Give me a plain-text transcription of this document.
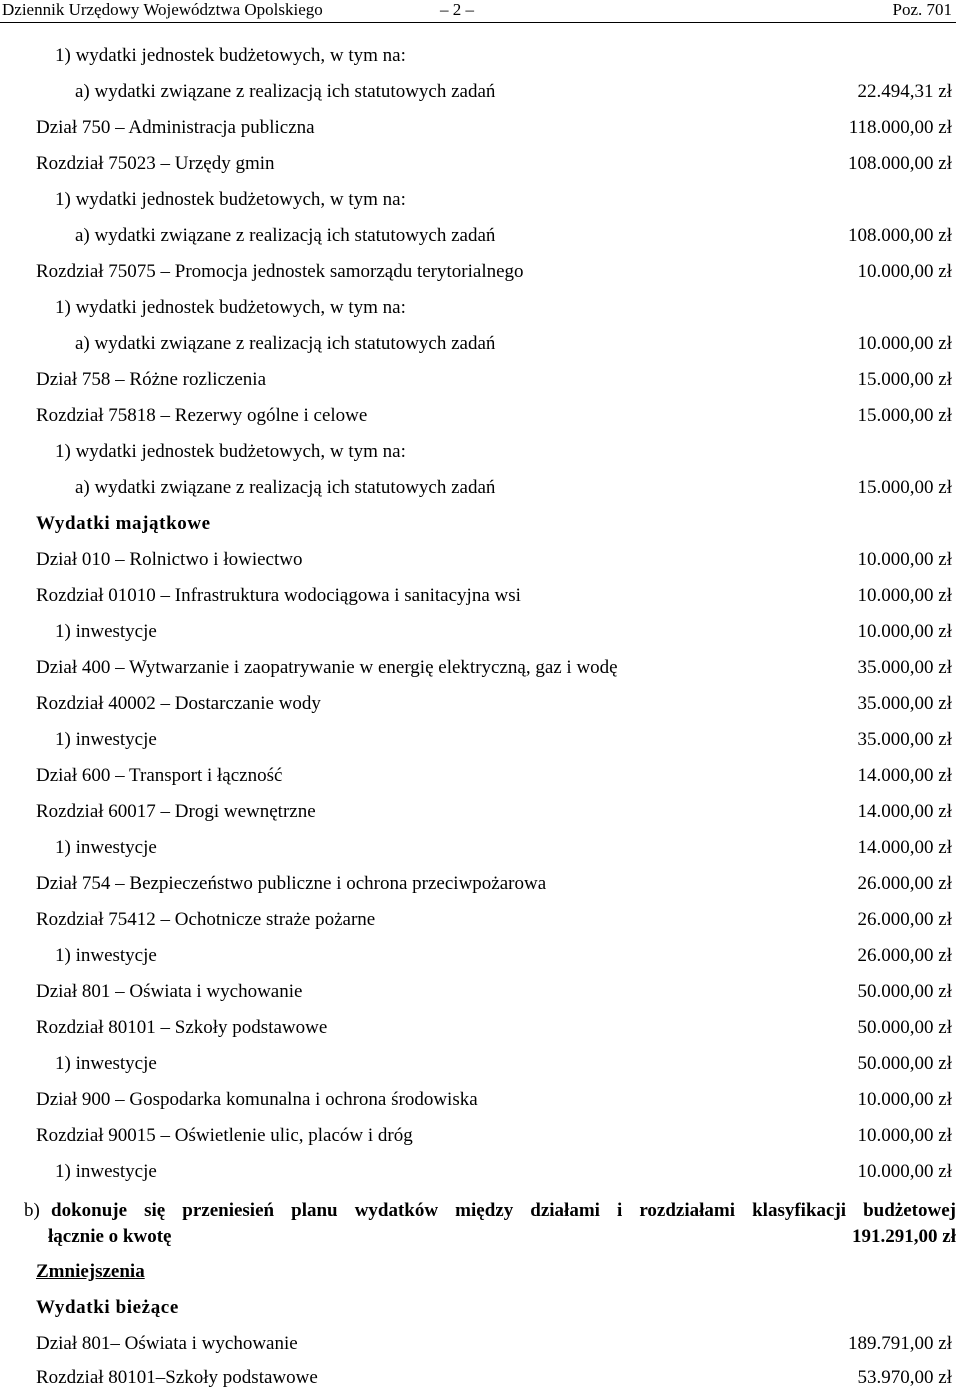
Dziennik Urzędowy Województwa Opolskiego	– 2 –	Poz. 701
1) wydatki jednostek budżetowych, w tym na:
a) wydatki związane z realizacją ich statutowych zadań	22.494,31 zł
Dział 750 – Administracja publiczna	118.000,00 zł
Rozdział 75023 – Urzędy gmin	108.000,00 zł
1) wydatki jednostek budżetowych, w tym na:
a) wydatki związane z realizacją ich statutowych zadań	108.000,00 zł
Rozdział 75075 – Promocja jednostek samorządu terytorialnego	10.000,00 zł
1) wydatki jednostek budżetowych, w tym na:
a) wydatki związane z realizacją ich statutowych zadań	10.000,00 zł
Dział 758 – Różne rozliczenia	15.000,00 zł
Rozdział 75818 – Rezerwy ogólne i celowe	15.000,00 zł
1) wydatki jednostek budżetowych, w tym na:
a) wydatki związane z realizacją ich statutowych zadań	15.000,00 zł
Wydatki majątkowe
Dział 010 – Rolnictwo i łowiectwo	10.000,00 zł
Rozdział 01010 – Infrastruktura wodociągowa i sanitacyjna wsi	10.000,00 zł
1) inwestycje	10.000,00 zł
Dział 400 – Wytwarzanie i zaopatrywanie w energię elektryczną, gaz i wodę	35.000,00 zł
Rozdział 40002 – Dostarczanie wody	35.000,00 zł
1) inwestycje	35.000,00 zł
Dział 600 – Transport i łączność	14.000,00 zł
Rozdział 60017 – Drogi wewnętrzne	14.000,00 zł
1) inwestycje	14.000,00 zł
Dział 754 – Bezpieczeństwo publiczne i ochrona przeciwpożarowa	26.000,00 zł
Rozdział 75412 – Ochotnicze straże pożarne	26.000,00 zł
1) inwestycje	26.000,00 zł
Dział 801 – Oświata i wychowanie	50.000,00 zł
Rozdział 80101 – Szkoły podstawowe	50.000,00 zł
1) inwestycje	50.000,00 zł
Dział 900 – Gospodarka komunalna i ochrona środowiska	10.000,00 zł
Rozdział 90015 – Oświetlenie ulic, placów i dróg	10.000,00 zł
1) inwestycje	10.000,00 zł
b) dokonuje się przeniesień planu wydatków między działami i rozdziałami klasyfikacji budżetowej
łącznie o kwotę	191.291,00 zł
Zmniejszenia
Wydatki bieżące
Dział 801– Oświata i wychowanie	189.791,00 zł
Rozdział 80101–Szkoły podstawowe	53.970,00 zł
